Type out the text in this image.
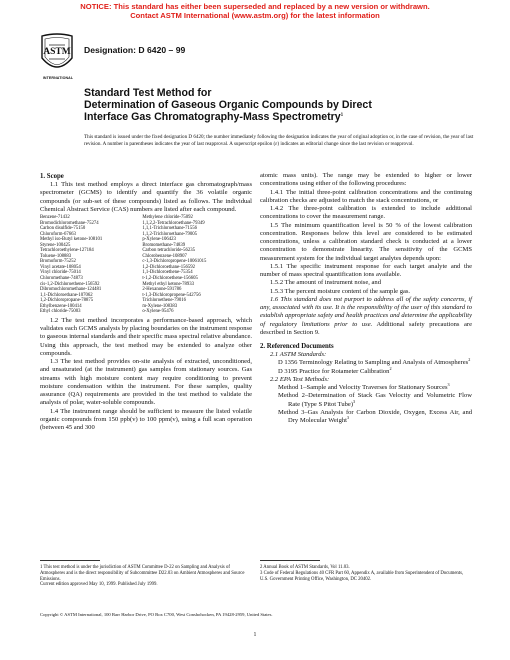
NOTICE: This standard has either been superseded and replaced by a new version or withdrawn.
Contact ASTM International (www.astm.org) for the latest information
ASTM
INTERNATIONAL
Designation: D 6420 – 99
Standard Test Method for
Determination of Gaseous Organic Compounds by Direct
Interface Gas Chromatography-Mass Spectrometry$^1$
This standard is issued under the fixed designation D 6420; the number immediately following the designation indicates the year of original adoption or, in the case of revision, the year of last revision. A number in parentheses indicates the year of last reapproval. A superscript epsilon (ε) indicates an editorial change since the last revision or reapproval.
1. Scope

1.1 This test method employs a direct interface gas chromatograph/mass spectrometer (GCMS) to identify and quantify the 36 volatile organic compounds (or sub-set of these compounds) listed as follows. The individual Chemical Abstract Service (CAS) numbers are listed after each compound.

Benzene-71432
Bromodichloromethane-75274
Carbon disulfide-75150
Chloroform-67663
Methyl iso-Butyl ketone-108101
Styrene-100425
Tetrachloroethylene-127184
Toluene-108883
Bromoform-75252
Vinyl acetate-108054
Vinyl chloride-75014
Chloromethane-74873
cis-1,2-Dichloroethene-156592
Dibromochloromethane-124481
1,1-Dichloroethane-107062
1,2-Dichloropropane-78875
Ethylbenzene-100414
Ethyl chloride-75003
Methylene chloride-75092
1,1,2,2-Tetrachloroethane-79349
1,1,1-Trichloroethane-71556
1,1,2-Trichloroethane-79005
p-Xylene-106423
Bromomethane-74839
Carbon tetrachloride-56235
Chlorobenzene-108907
c-1,3-Dichloropropene-10061015
1,2-Dichloroethane-156592
1,1-Dichloroethene-75354
t-1,2-Dichloroethene-156605
Methyl ethyl ketone-78933
2-Hexanone-591786
t-1,3-Dichloropropene-542756
Trichloroethene-79016
m-Xylene-108383
o-Xylene-95476

1.2 The test method incorporates a performance-based approach, which validates each GCMS analysis by placing boundaries on the instrument response to gaseous internal standards and their specific mass spectral relative abundance. Using this approach, the test method may be extended to analyze other compounds.

1.3 The test method provides on-site analysis of extracted, unconditioned, and unsaturated (at the instrument) gas samples from stationary sources. Gas streams with high moisture content may require conditioning to prevent moisture condensation within the instrument. For these samples, quality assurance (QA) requirements are provided in the test method to validate the analysis of polar, water-soluble compounds.

1.4 The instrument range should be sufficient to measure the listed volatile organic compounds from 150 ppb(v) to 100 ppm(v), using a full scan operation (between 45 and 300

atomic mass units). The range may be extended to higher or lower concentrations using either of the following procedures:

1.4.1 The initial three-point calibration concentrations and the continuing calibration checks are adjusted to match the stack concentrations, or

1.4.2 The three-point calibration is extended to include additional concentrations to cover the measurement range.

1.5 The minimum quantification level is 50 % of the lowest calibration concentration. Responses below this level are considered to be estimated concentrations, unless a calibration standard check is conducted at a lower concentration to demonstrate linearity. The sensitivity of the GCMS measurement system for the individual target analytes depends upon:

1.5.1 The specific instrument response for each target analyte and the number of mass spectral quantification ions available.

1.5.2 The amount of instrument noise, and

1.5.3 The percent moisture content of the sample gas.

1.6 This standard does not purport to address all of the safety concerns, if any, associated with its use. It is the responsibility of the user of this standard to establish appropriate safety and health practices and determine the applicability of regulatory limitations prior to use. Additional safety precautions are described in Section 9.

2. Referenced Documents

2.1 ASTM Standards:

D 1356 Terminology Relating to Sampling and Analysis of Atmospheres$^2$

D 3195 Practice for Rotameter Calibration$^2$

2.2 EPA Test Methods:

Method 1–Sample and Velocity Traverses for Stationary Sources$^3$

Method 2–Determination of Stack Gas Velocity and Volumetric Flow Rate (Type S Pitot Tube)$^3$

Method 3–Gas Analysis for Carbon Dioxide, Oxygen, Excess Air, and Dry Molecular Weight$^3$

1 This test method is under the jurisdiction of ASTM Committee D-22 on Sampling and Analysis of Atmospheres and is the direct responsibility of Subcommittee D22.03 on Ambient Atmospheres and Source Emissions.

Current edition approved May 10, 1999. Published July 1999.

2 Annual Book of ASTM Standards, Vol 11.03.

3 Code of Federal Regulations 40 CFR Part 60, Appendix A, available from Superintendent of Documents, U.S. Government Printing Office, Washington, DC 20402.

Copyright © ASTM International, 100 Barr Harbor Drive, PO Box C700, West Conshohocken, PA 19428-2959, United States.
1
